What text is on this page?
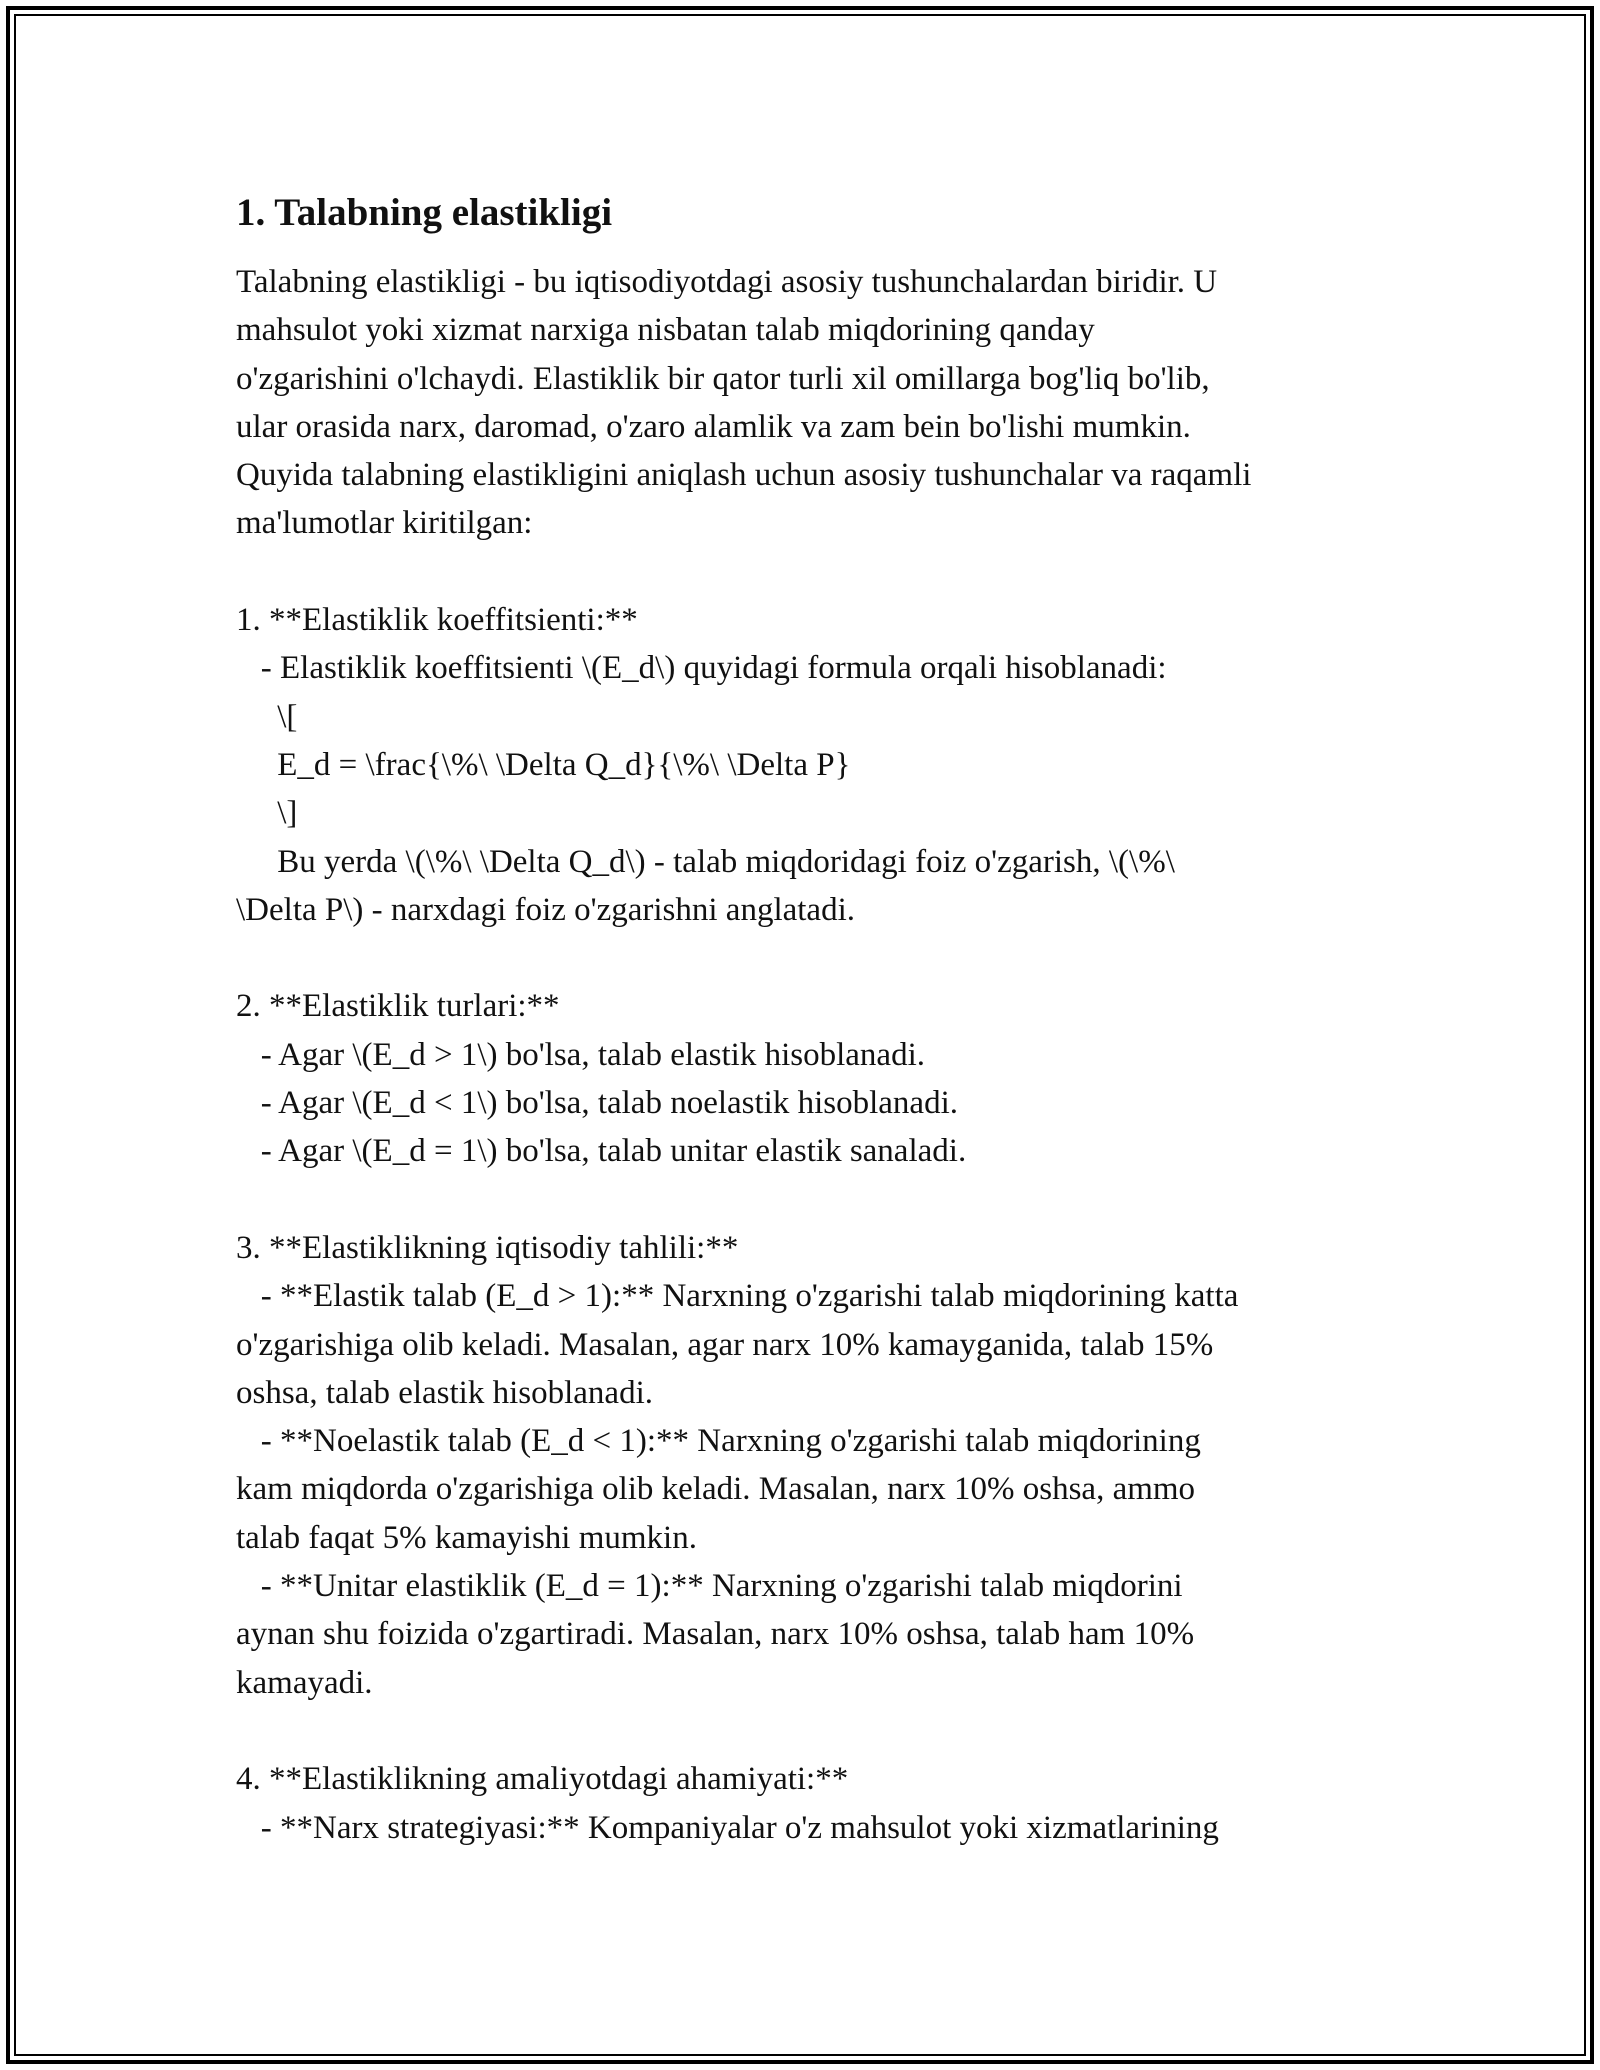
1. Talabning elastikligi
Talabning elastikligi - bu iqtisodiyotdagi asosiy tushunchalardan biridir. U
mahsulot yoki xizmat narxiga nisbatan talab miqdorining qanday
o'zgarishini o'lchaydi. Elastiklik bir qator turli xil omillarga bog'liq bo'lib,
ular orasida narx, daromad, o'zaro alamlik va zam bein bo'lishi mumkin.
Quyida talabning elastikligini aniqlash uchun asosiy tushunchalar va raqamli
ma'lumotlar kiritilgan:
1. **Elastiklik koeffitsienti:**
- Elastiklik koeffitsienti \(E_d\) quyidagi formula orqali hisoblanadi:
\[
E_d = \frac{\%\ \Delta Q_d}{\%\ \Delta P}
\]
Bu yerda \(\%\ \Delta Q_d\) - talab miqdoridagi foiz o'zgarish, \(\%\
\Delta P\) - narxdagi foiz o'zgarishni anglatadi.
2. **Elastiklik turlari:**
- Agar \(E_d > 1\) bo'lsa, talab elastik hisoblanadi.
- Agar \(E_d < 1\) bo'lsa, talab noelastik hisoblanadi.
- Agar \(E_d = 1\) bo'lsa, talab unitar elastik sanaladi.
3. **Elastiklikning iqtisodiy tahlili:**
- **Elastik talab (E_d > 1):** Narxning o'zgarishi talab miqdorining katta
o'zgarishiga olib keladi. Masalan, agar narx 10% kamayganida, talab 15%
oshsa, talab elastik hisoblanadi.
- **Noelastik talab (E_d < 1):** Narxning o'zgarishi talab miqdorining
kam miqdorda o'zgarishiga olib keladi. Masalan, narx 10% oshsa, ammo
talab faqat 5% kamayishi mumkin.
- **Unitar elastiklik (E_d = 1):** Narxning o'zgarishi talab miqdorini
aynan shu foizida o'zgartiradi. Masalan, narx 10% oshsa, talab ham 10%
kamayadi.
4. **Elastiklikning amaliyotdagi ahamiyati:**
- **Narx strategiyasi:** Kompaniyalar o'z mahsulot yoki xizmatlarining
